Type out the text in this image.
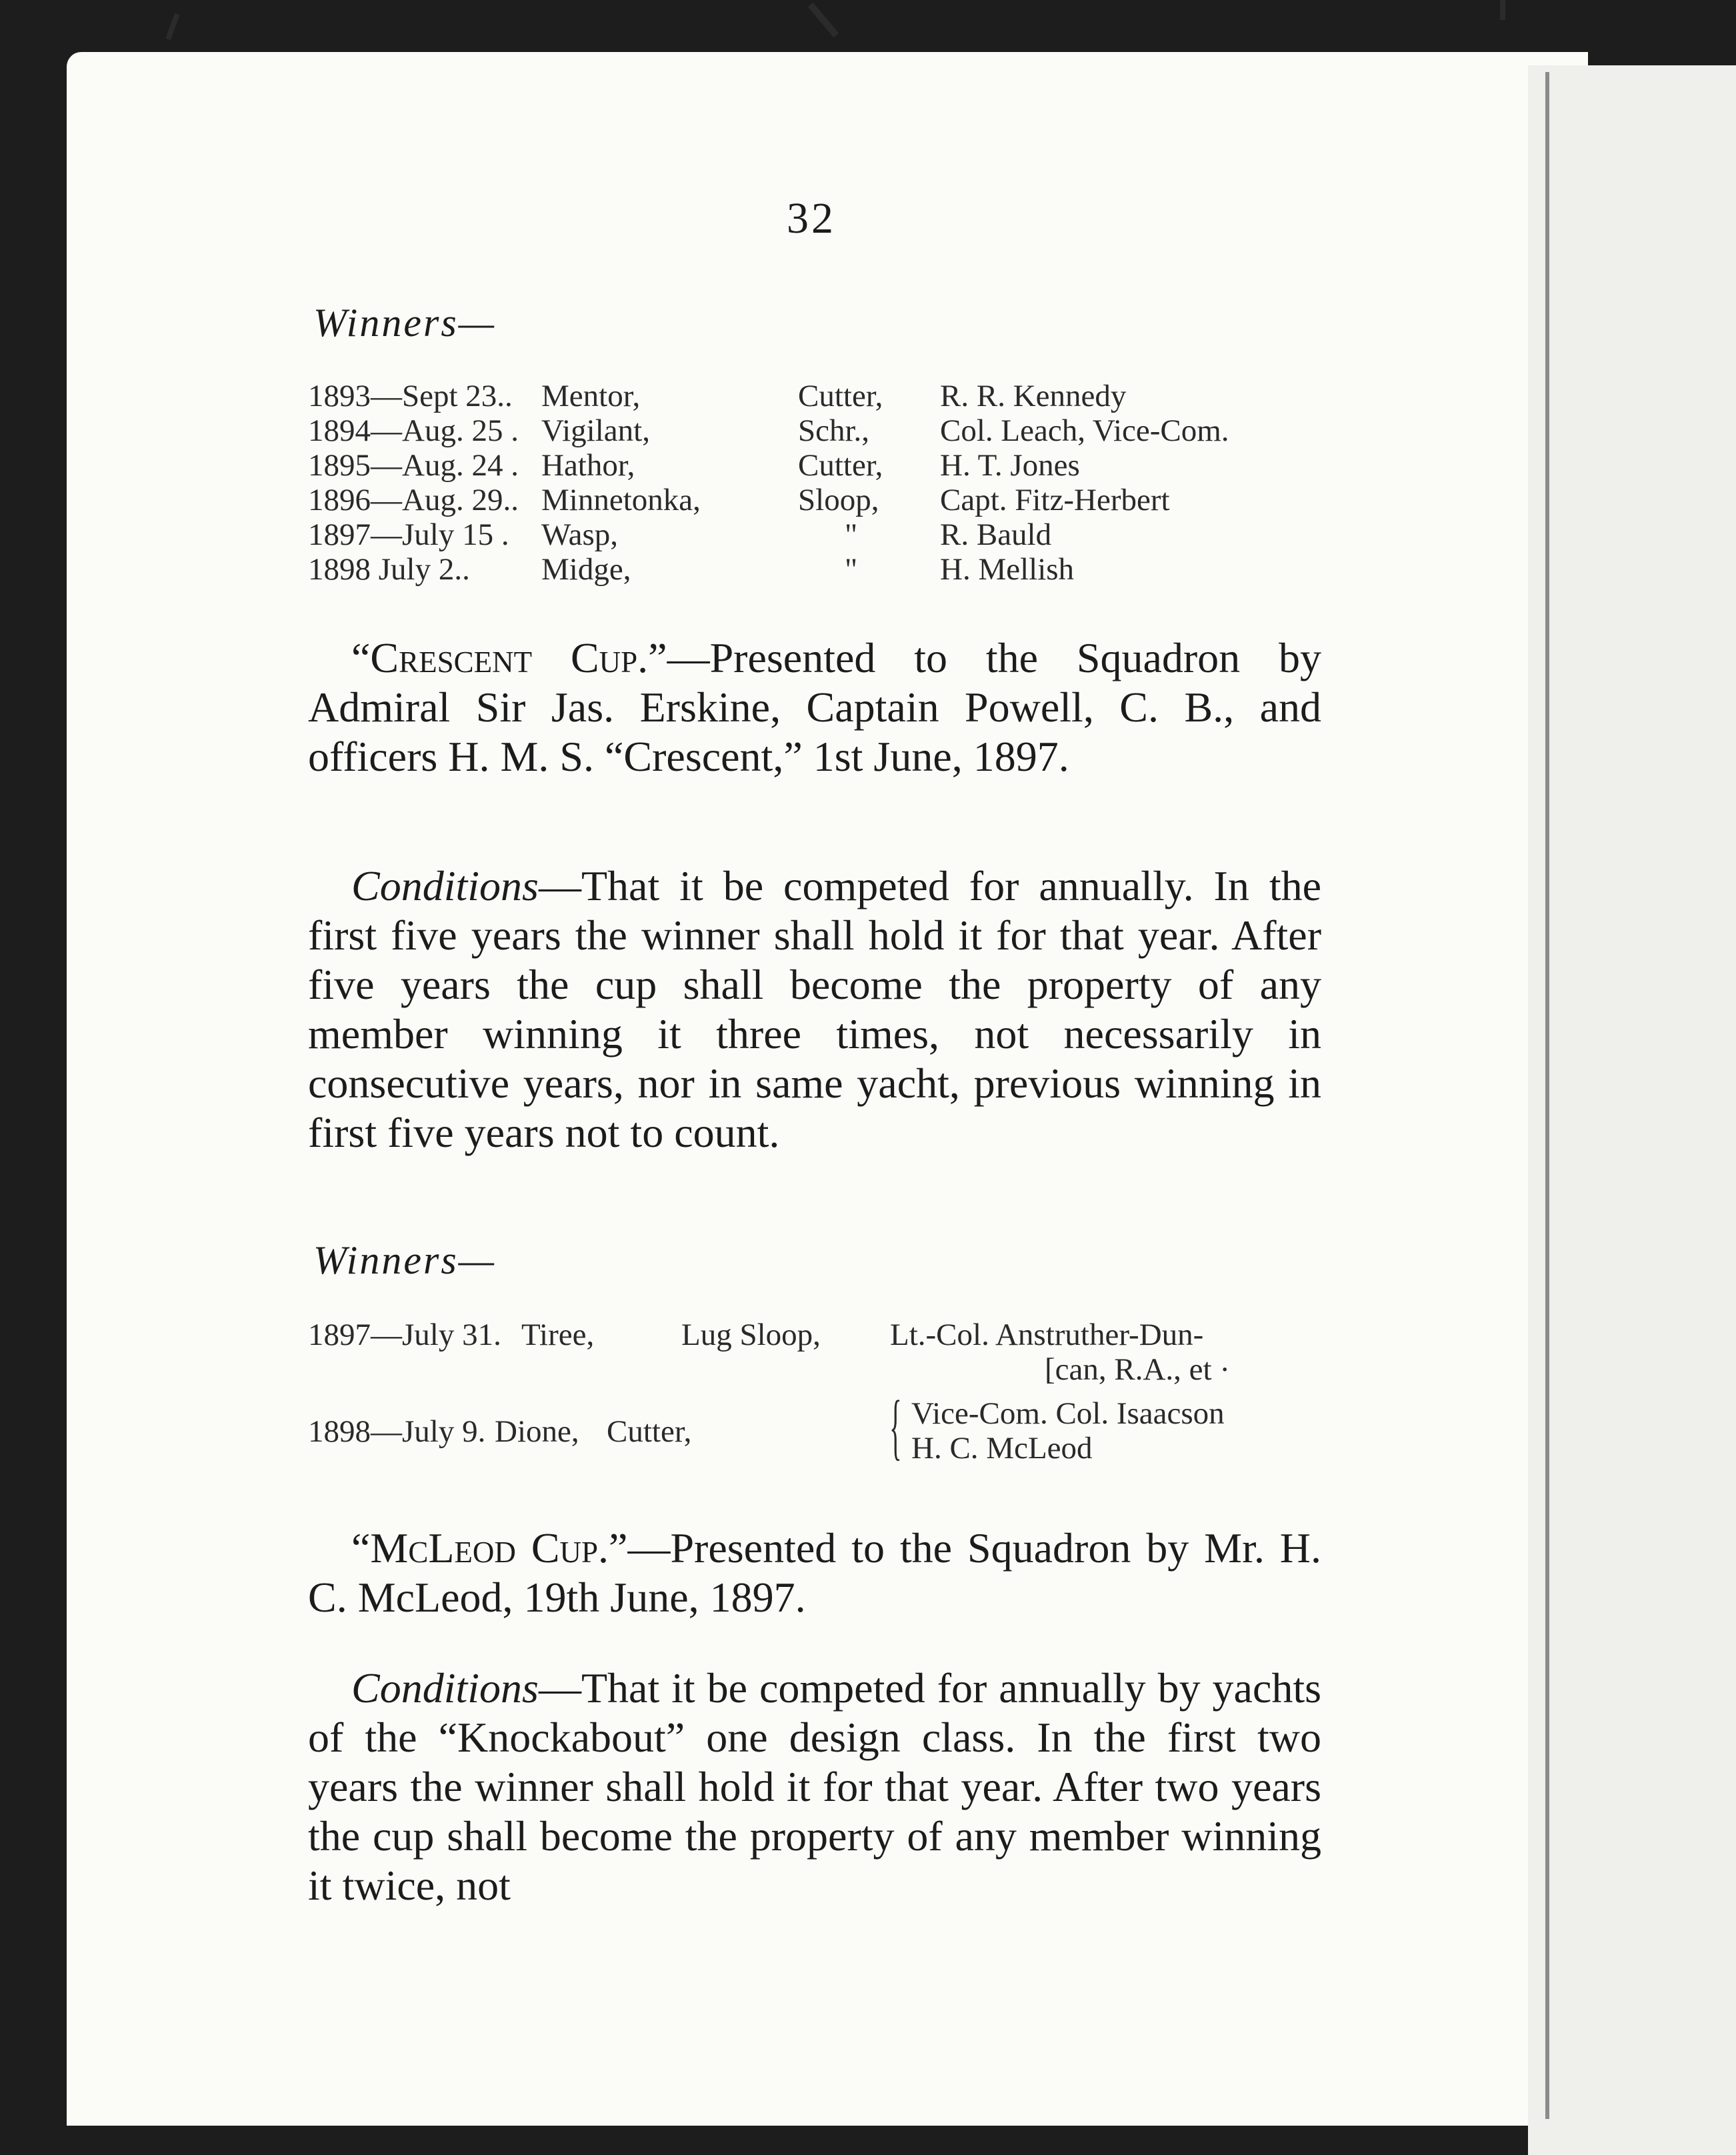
32
Winners—
1893—Sept 23.. Mentor,	Cutter, R. R. Kennedy
1894—Aug. 25 . Vigilant,	Schr., Col. Leach, Vice-Com.
1895—Aug. 24 . Hathor,	Cutter, H. T. Jones
1896—Aug. 29.. Minnetonka,	Sloop, Capt. Fitz-Herbert
1897—July 15 . Wasp,	"	R. Bauld
1898 July 2.. Midge,	"	H. Mellish
“Crescent Cup.”—Presented to the Squadron by Admiral Sir Jas. Erskine, Captain Powell, C. B., and officers H. M. S. “Crescent,” 1st June, 1897.
Conditions—That it be competed for annually. In the first five years the winner shall hold it for that year. After five years the cup shall become the property of any member winning it three times, not necessarily in consecutive years, nor in same yacht, previous winning in first five years not to count.
Winners—
1897—July 31. Tiree,	Lug Sloop, Lt.-Col. Anstruther-Dun-
[can, R.A., et ·
1898—July 9. Dione, Cutter,	{ Vice-Com. Col. Isaacson
H. C. McLeod
“McLeod Cup.”—Presented to the Squadron by Mr. H. C. McLeod, 19th June, 1897.
Conditions—That it be competed for annually by yachts of the “Knockabout” one design class. In the first two years the winner shall hold it for that year. After two years the cup shall become the property of any member winning it twice, not
